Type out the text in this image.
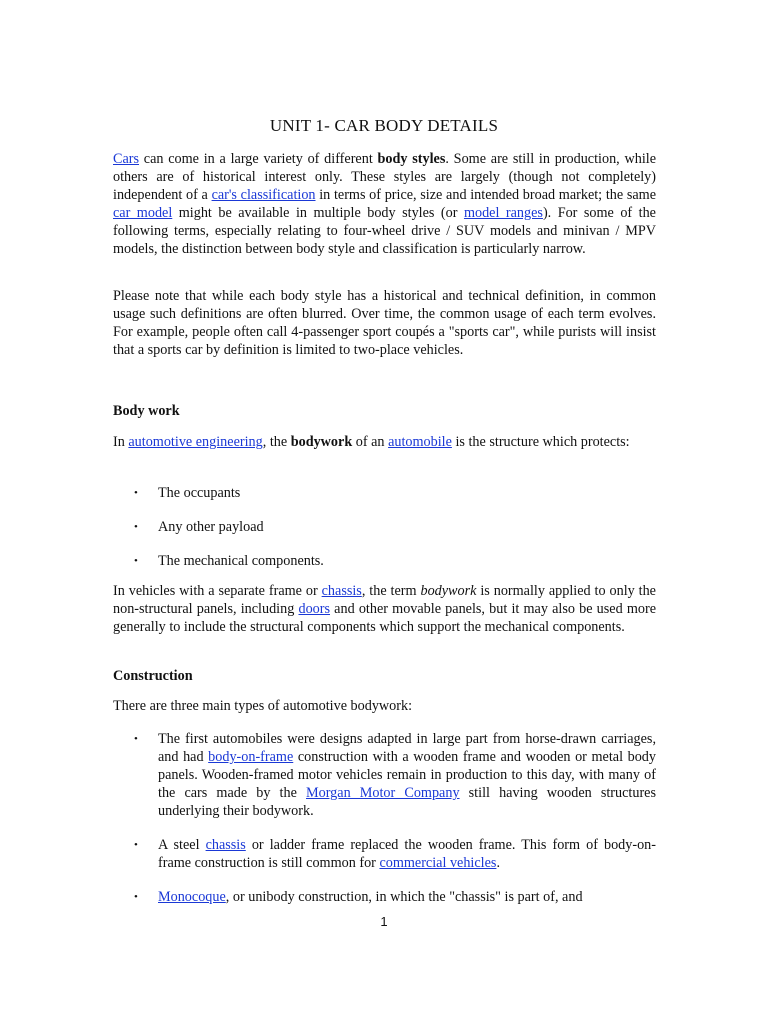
UNIT 1- CAR BODY DETAILS

Cars can come in a large variety of different body styles. Some are still in production, while others are of historical interest only. These styles are largely (though not completely) independent of a car's classification in terms of price, size and intended broad market; the same car model might be available in multiple body styles (or model ranges). For some of the following terms, especially relating to four-wheel drive / SUV models and minivan / MPV models, the distinction between body style and classification is particularly narrow.

Please note that while each body style has a historical and technical definition, in common usage such definitions are often blurred. Over time, the common usage of each term evolves. For example, people often call 4-passenger sport coupés a "sports car", while purists will insist that a sports car by definition is limited to two-place vehicles.

Body work

In automotive engineering, the bodywork of an automobile is the structure which protects:

• The occupants
• Any other payload
• The mechanical components.

In vehicles with a separate frame or chassis, the term bodywork is normally applied to only the non-structural panels, including doors and other movable panels, but it may also be used more generally to include the structural components which support the mechanical components.

Construction
There are three main types of automotive bodywork:
• The first automobiles were designs adapted in large part from horse-drawn carriages, and had body-on-frame construction with a wooden frame and wooden or metal body panels. Wooden-framed motor vehicles remain in production to this day, with many of the cars made by the Morgan Motor Company still having wooden structures underlying their bodywork.
• A steel chassis or ladder frame replaced the wooden frame. This form of body-on-frame construction is still common for commercial vehicles.
• Monocoque, or unibody construction, in which the "chassis" is part of, and
1
